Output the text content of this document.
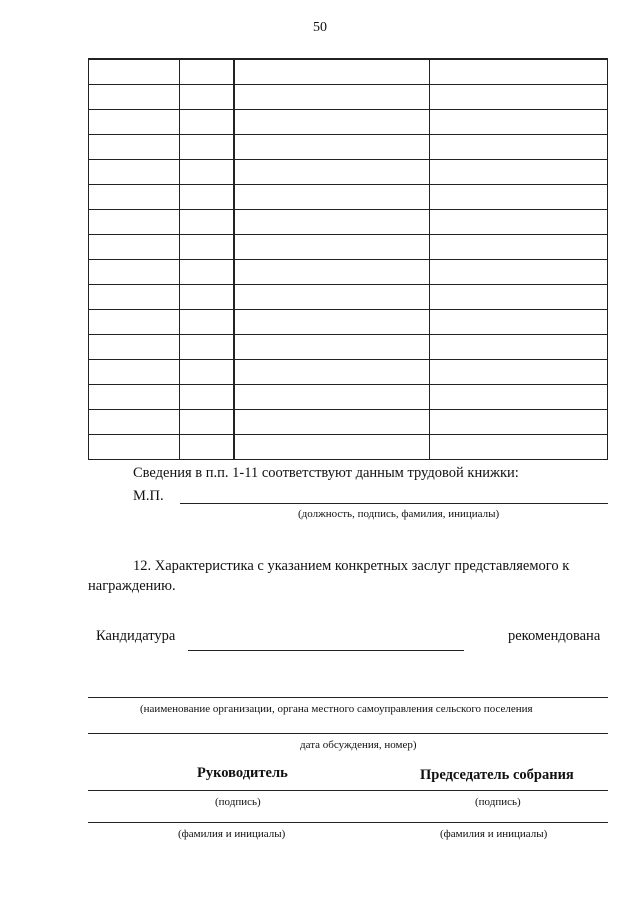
50

Сведения в п.п. 1-11 соответствуют данным трудовой книжки:
М.П.
(должность, подпись, фамилия, инициалы)
12. Характеристика с указанием конкретных заслуг представляемого к
награждению.
Кандидатура	рекомендована
(наименование организации, органа местного самоуправления сельского поселения
дата обсуждения, номер)
Руководитель	Председатель собрания
(подпись)	(подпись)
(фамилия и инициалы)	(фамилия и инициалы)
